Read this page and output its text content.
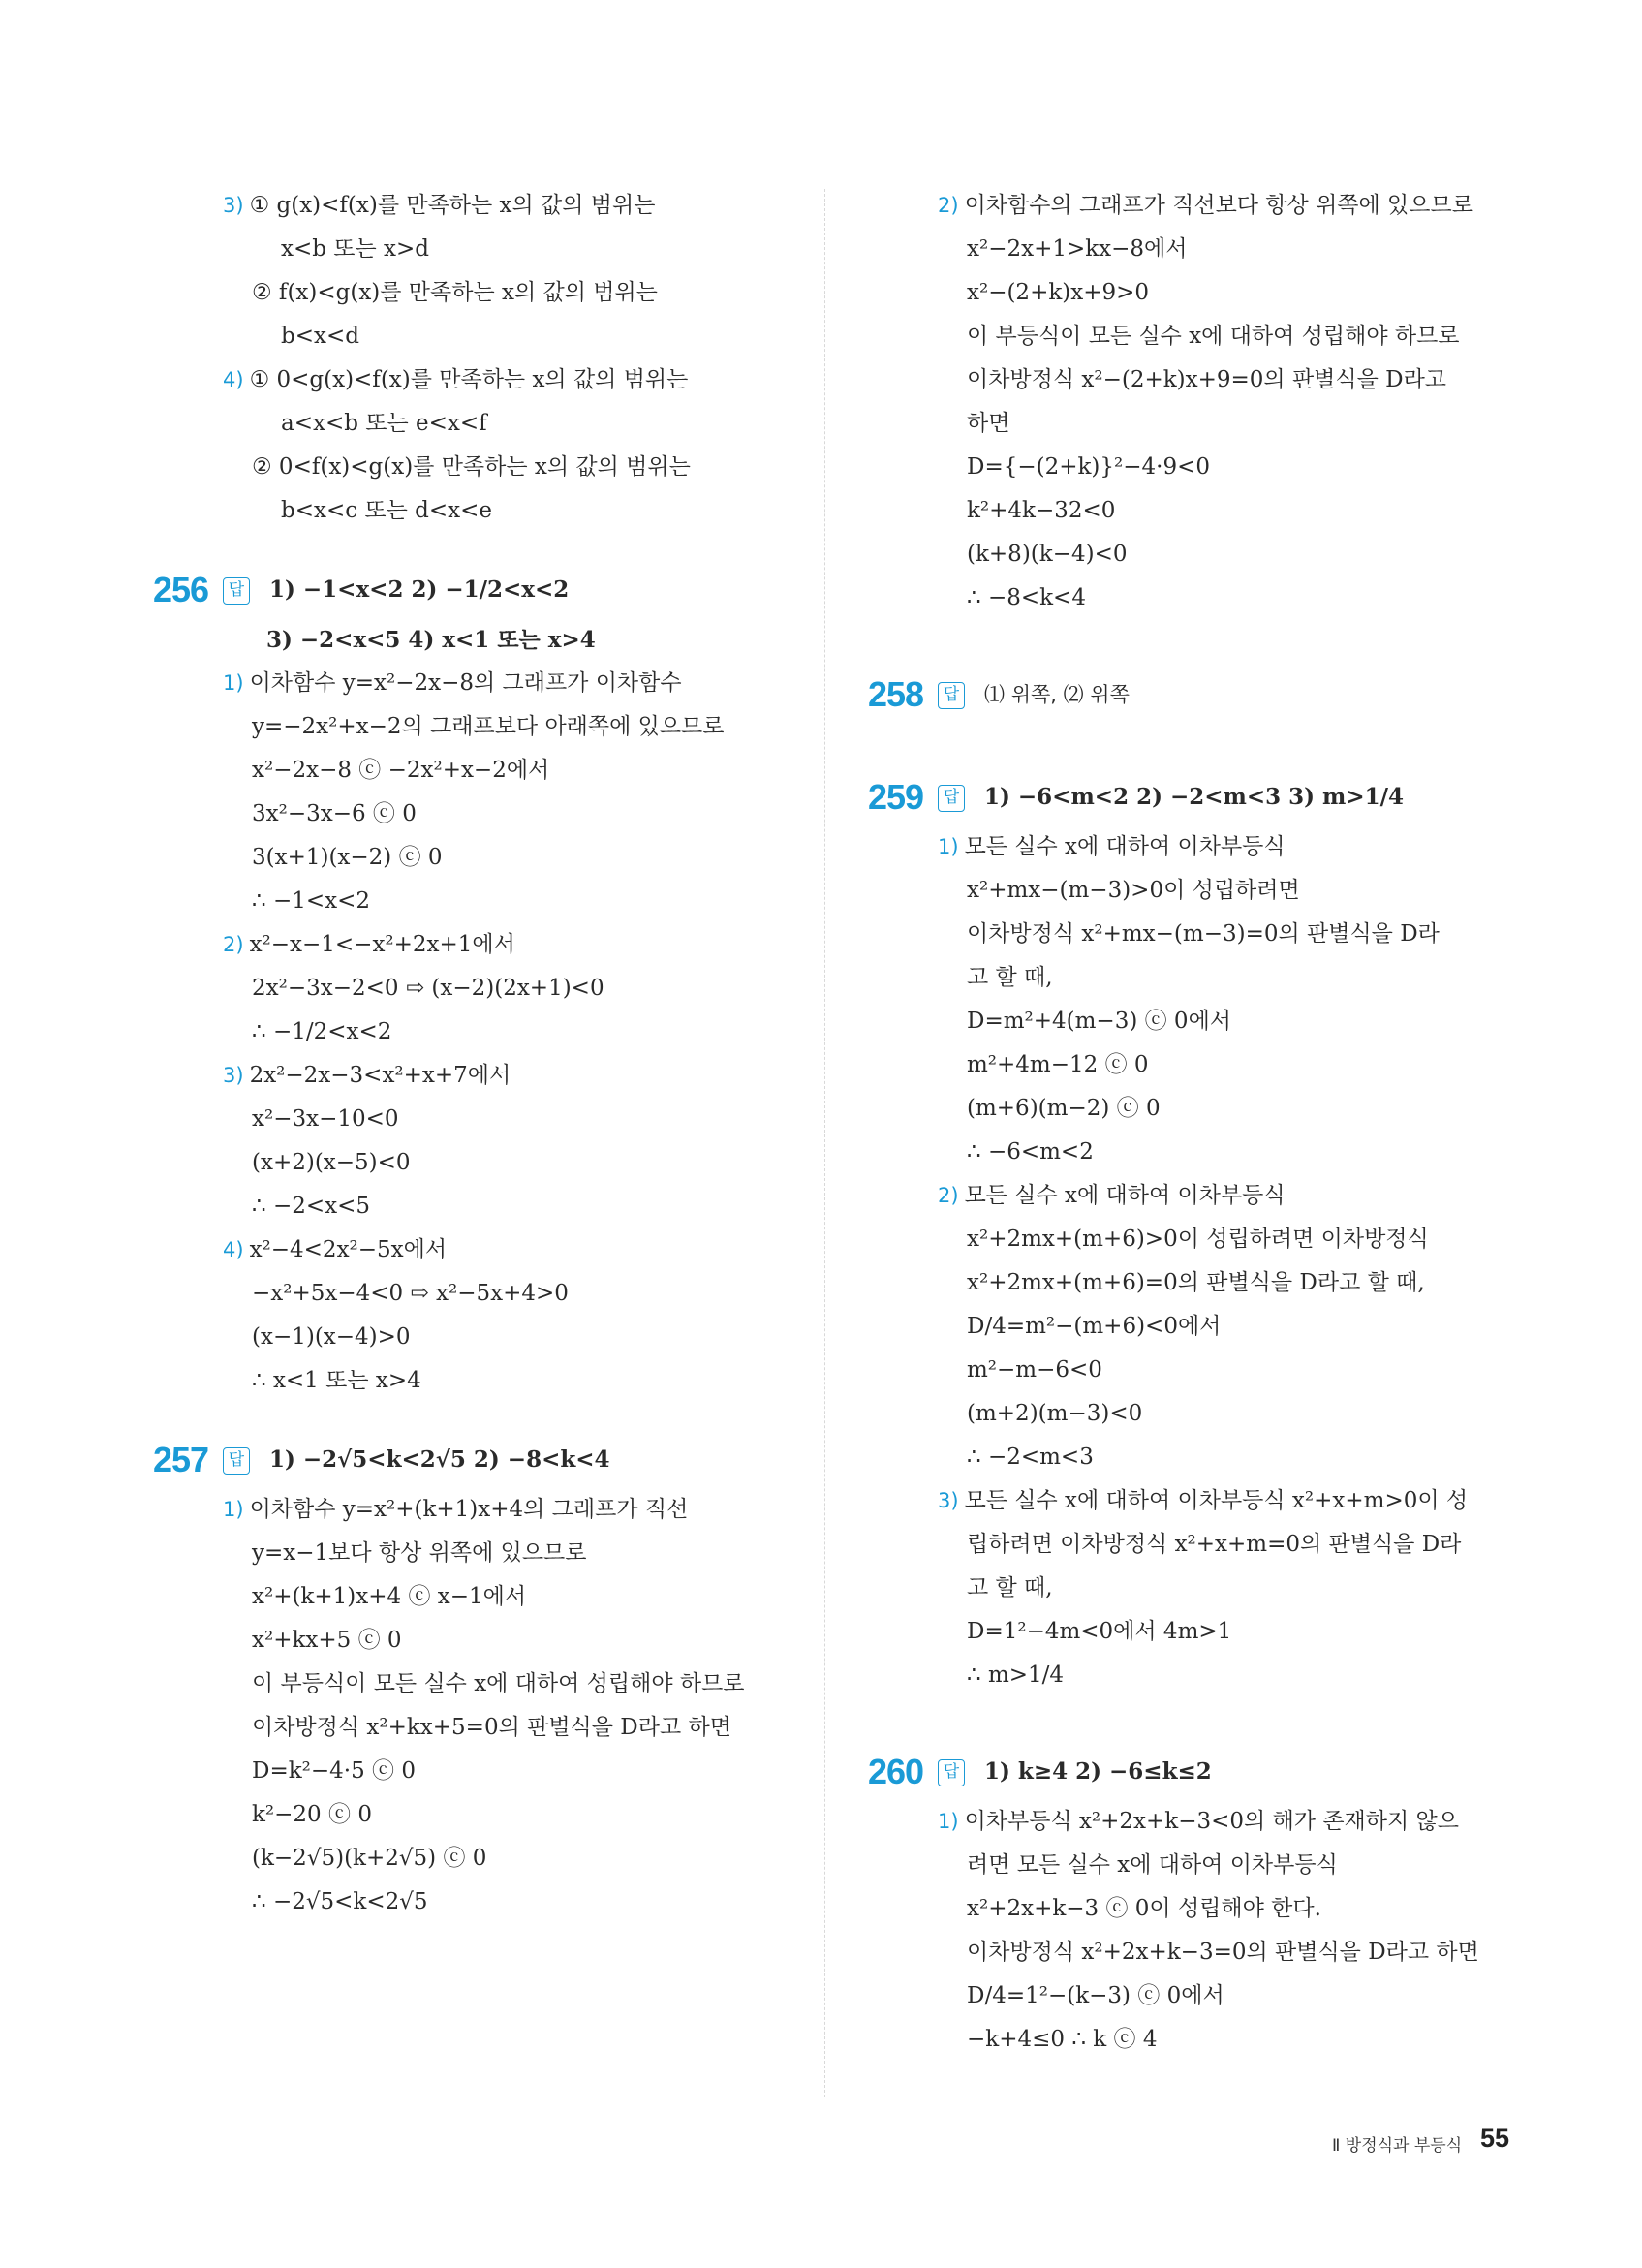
3) ① g(x)<f(x)를 만족하는 x의 값의 범위는
x<b 또는 x>d
② f(x)<g(x)를 만족하는 x의 값의 범위는
b<x<d
4) ① 0<g(x)<f(x)를 만족하는 x의 값의 범위는
a<x<b 또는 e<x<f
② 0<f(x)<g(x)를 만족하는 x의 값의 범위는
b<x<c 또는 d<x<e
256 답 1) −1<x<2 2) −1/2<x<2
3) −2<x<5 4) x<1 또는 x>4
1) 이차함수 y=x²−2x−8의 그래프가 이차함수
y=−2x²+x−2의 그래프보다 아래쪽에 있으므로
x²−2x−8 ⓒ −2x²+x−2에서
3x²−3x−6 ⓒ 0
3(x+1)(x−2) ⓒ 0
∴ −1<x<2
2) x²−x−1<−x²+2x+1에서
2x²−3x−2<0 ⇨ (x−2)(2x+1)<0
∴ −1/2<x<2
3) 2x²−2x−3<x²+x+7에서
x²−3x−10<0
(x+2)(x−5)<0
∴ −2<x<5
4) x²−4<2x²−5x에서
−x²+5x−4<0 ⇨ x²−5x+4>0
(x−1)(x−4)>0
∴ x<1 또는 x>4
257 답 1) −2√5<k<2√5 2) −8<k<4
1) 이차함수 y=x²+(k+1)x+4의 그래프가 직선
y=x−1보다 항상 위쪽에 있으므로
x²+(k+1)x+4 ⓒ x−1에서
x²+kx+5 ⓒ 0
이 부등식이 모든 실수 x에 대하여 성립해야 하므로
이차방정식 x²+kx+5=0의 판별식을 D라고 하면
D=k²−4·5 ⓒ 0
k²−20 ⓒ 0
(k−2√5)(k+2√5) ⓒ 0
∴ −2√5<k<2√5
2) 이차함수의 그래프가 직선보다 항상 위쪽에 있으므로
x²−2x+1>kx−8에서
x²−(2+k)x+9>0
이 부등식이 모든 실수 x에 대하여 성립해야 하므로
이차방정식 x²−(2+k)x+9=0의 판별식을 D라고
하면
D={−(2+k)}²−4·9<0
k²+4k−32<0
(k+8)(k−4)<0
∴ −8<k<4
258 답 ⑴ 위쪽, ⑵ 위쪽
259 답 1) −6<m<2 2) −2<m<3 3) m>1/4
1) 모든 실수 x에 대하여 이차부등식
x²+mx−(m−3)>0이 성립하려면
이차방정식 x²+mx−(m−3)=0의 판별식을 D라
고 할 때,
D=m²+4(m−3) ⓒ 0에서
m²+4m−12 ⓒ 0
(m+6)(m−2) ⓒ 0
∴ −6<m<2
2) 모든 실수 x에 대하여 이차부등식
x²+2mx+(m+6)>0이 성립하려면 이차방정식
x²+2mx+(m+6)=0의 판별식을 D라고 할 때,
D/4=m²−(m+6)<0에서
m²−m−6<0
(m+2)(m−3)<0
∴ −2<m<3
3) 모든 실수 x에 대하여 이차부등식 x²+x+m>0이 성
립하려면 이차방정식 x²+x+m=0의 판별식을 D라
고 할 때,
D=1²−4m<0에서 4m>1
∴ m>1/4
260 답 1) k≥4 2) −6≤k≤2
1) 이차부등식 x²+2x+k−3<0의 해가 존재하지 않으
려면 모든 실수 x에 대하여 이차부등식
x²+2x+k−3 ⓒ 0이 성립해야 한다.
이차방정식 x²+2x+k−3=0의 판별식을 D라고 하면
D/4=1²−(k−3) ⓒ 0에서
−k+4≤0 ∴ k ⓒ 4
Ⅱ 방정식과 부등식 55
